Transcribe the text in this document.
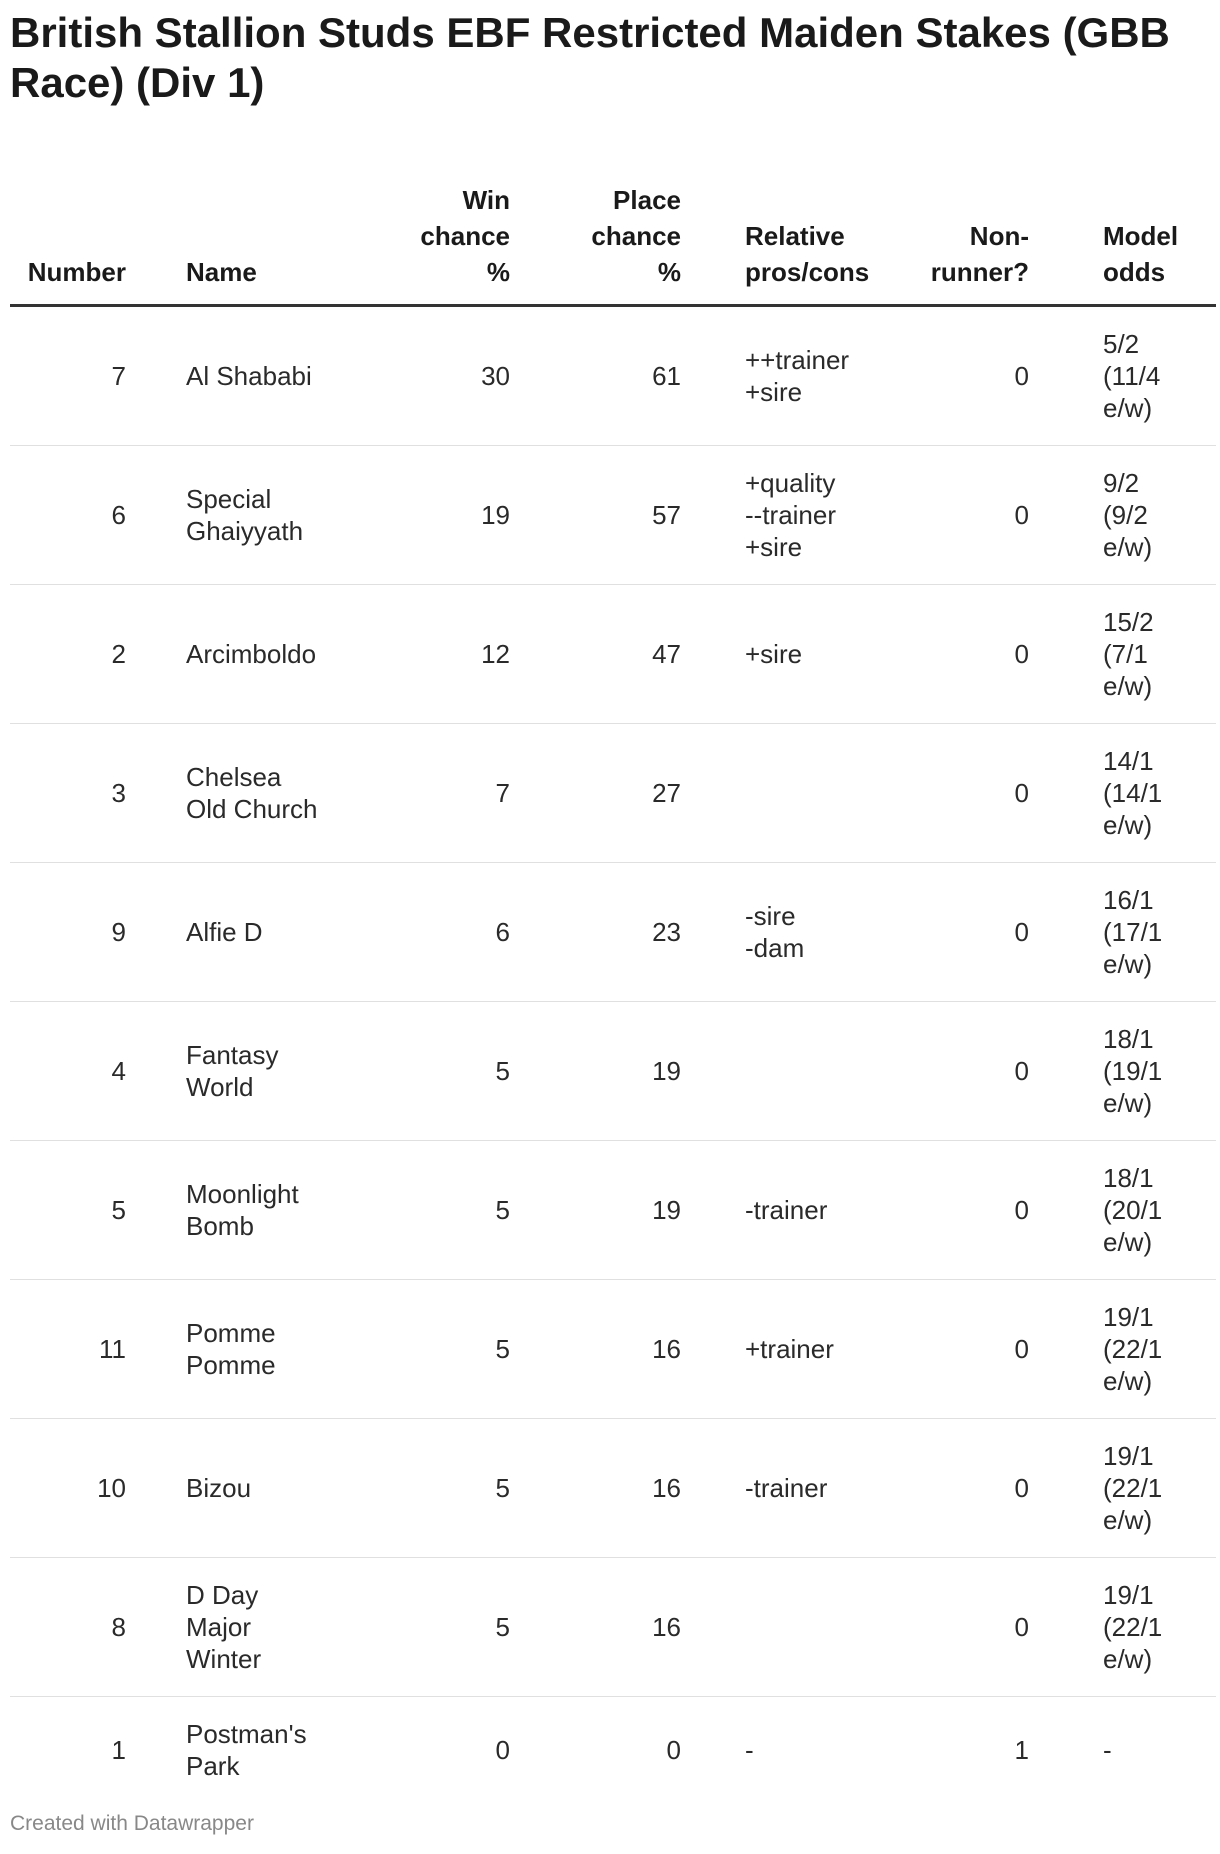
British Stallion Studs EBF Restricted Maiden Stakes (GBB Race) (Div 1)
Number	Name	Win
chance
%	Place
chance
%	Relative
pros/cons	Non-
runner?	Model
odds
7	Al Shababi	30	61	++trainer
+sire	0	5/2
(11/4
e/w)
6	Special
Ghaiyyath	19	57	+quality
--trainer
+sire	0	9/2
(9/2
e/w)
2	Arcimboldo	12	47	+sire	0	15/2
(7/1
e/w)
3	Chelsea
Old Church	7	27		0	14/1
(14/1
e/w)
9	Alfie D	6	23	-sire
-dam	0	16/1
(17/1
e/w)
4	Fantasy
World	5	19		0	18/1
(19/1
e/w)
5	Moonlight
Bomb	5	19	-trainer	0	18/1
(20/1
e/w)
11	Pomme
Pomme	5	16	+trainer	0	19/1
(22/1
e/w)
10	Bizou	5	16	-trainer	0	19/1
(22/1
e/w)
8	D Day
Major
Winter	5	16		0	19/1
(22/1
e/w)
1	Postman's
Park	0	0	-	1	-
Created with Datawrapper
